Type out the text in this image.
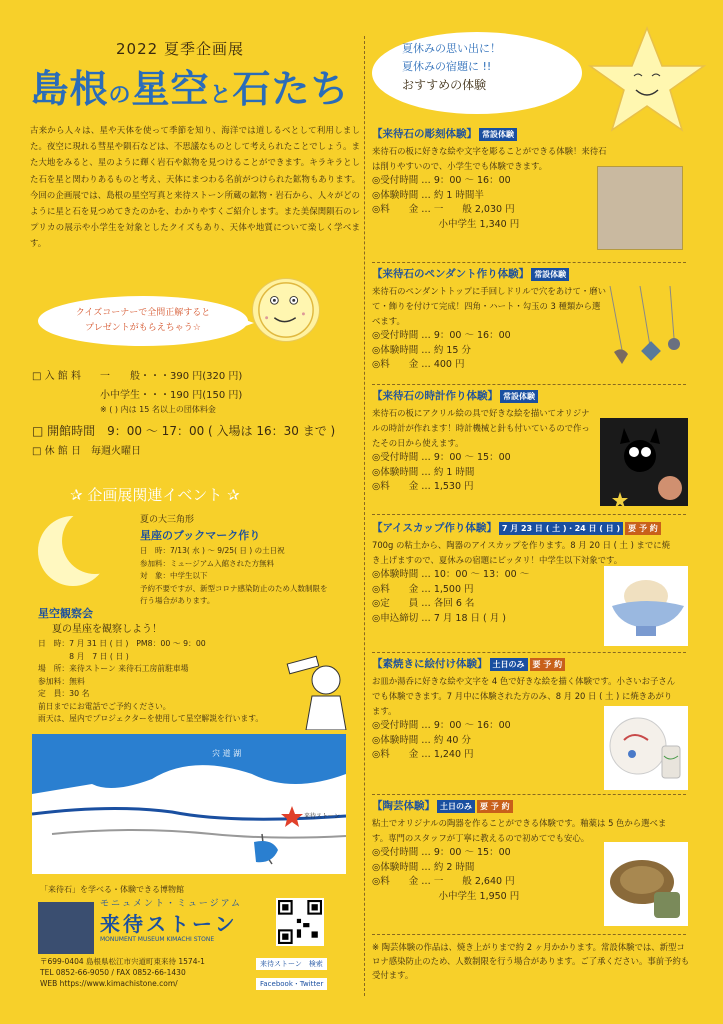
2022 夏季企画展
島根の星空と石たち
古来から人々は、星や天体を使って季節を知り、海洋では道しるべとして利用しました。夜空に現れる彗星や隕石などは、不思議なものとして考えられたことでしょう。また大地をみると、星のように輝く岩石や鉱物を見つけることができます。キラキラとした石を星と関わりあるものと考え、天体にまつわる名前がつけられた鉱物もあります。今回の企画展では、島根の星空写真と来待ストーン所蔵の鉱物・岩石から、人々がどのように星と石を見つめてきたのかを、わかりやすくご紹介します。また美保関隕石のレプリカの展示や小学生を対象としたクイズもあり、天体や地質について楽しく学べます。
クイズコーナーで全問正解すると
プレゼントがもらえちゃう☆
□ 入 館 料 一　　般・・・390 円(320 円)
小中学生・・・190 円(150 円)
※ ( ) 内は 15 名以上の団体料金
□ 開館時間　9：00 ～ 17：00 ( 入場は 16：30 まで )
□ 休 館 日　毎週火曜日
✰ 企画展関連イベント ✰
夏の大三角形
星座のブックマーク作り
日　時：7/13( 水 ) ～ 9/25( 日 ) の土日祝
参加料：ミュージアム入館された方無料
対　象：中学生以下
予約不要ですが、新型コロナ感染防止のため人数制限を
行う場合があります。
星空観察会
夏の星座を観察しよう！
日　時：7 月 31 日 ( 日 )　PM8：00 ～ 9：00
　　　　8 月　7 日 ( 日 )
場　所：来待ストーン 来待石工房前駐車場
参加料：無料
定　員：30 名
前日までにお電話でご予約ください。
雨天は、屋内でプロジェクターを使用して星空解説を行います。
宍 道 湖
来待ストーン
「来待石」を学べる・体験できる博物館
モニュメント・ミュージアム
来待ストーン
MONUMENT MUSEUM KIMACHI STONE
〒699-0404 島根県松江市宍道町東来待 1574-1
TEL 0852-66-9050 / FAX 0852-66-1430
WEB https://www.kimachistone.com/
来待ストーン　検索
Facebook・Twitter
夏休みの思い出に！
夏休みの宿題に !!
おすすめの体験
【来待石の彫刻体験】 常設体験
来待石の板に好きな絵や文字を彫ることができる体験！来待石は削りやすいので、小学生でも体験できます。
◎受付時間 … 9：00 ～ 16：00
◎体験時間 … 約 1 時間半
◎料　　金 … 一　　般 2,030 円
　　　　　　　小中学生 1,340 円
【来待石のペンダント作り体験】 常設体験
来待石のペンダントトップに手回しドリルで穴をあけて・磨いて・飾りを付けて完成！四角・ハート・勾玉の 3 種類から選べます。
◎受付時間 … 9：00 ～ 16：00
◎体験時間 … 約 15 分
◎料　　金 … 400 円
【来待石の時計作り体験】 常設体験
来待石の板にアクリル絵の具で好きな絵を描いてオリジナルの時計が作れます！時計機械と針も付いているので作ったその日から使えます。
◎受付時間 … 9：00 ～ 15：00
◎体験時間 … 約 1 時間
◎料　　金 … 1,530 円
【アイスカップ作り体験】 7 月 23 日 ( 土 )・24 日 ( 日 ) 要 予 約
700g の粘土から、陶器のアイスカップを作ります。8 月 20 日 ( 土 ) までに焼き上げますので、夏休みの宿題にピッタリ！中学生以下対象です。
◎体験時間 … 10：00 ～ 13：00 ～
◎料　　金 … 1,500 円
◎定　　員 … 各回 6 名
◎申込締切 … 7 月 18 日 ( 月 )
【素焼きに絵付け体験】 土日のみ 要 予 約
お皿か湯呑に好きな絵や文字を 4 色で好きな絵を描く体験です。小さいお子さんでも体験できます。7 月中に体験された方のみ、8 月 20 日 ( 土 ) に焼きあがります。
◎受付時間 … 9：00 ～ 16：00
◎体験時間 … 約 40 分
◎料　　金 … 1,240 円
【陶芸体験】 土日のみ 要 予 約
粘土でオリジナルの陶器を作ることができる体験です。釉薬は 5 色から選べます。専門のスタッフが丁寧に教えるので初めてでも安心。
◎受付時間 … 9：00 ～ 15：00
◎体験時間 … 約 2 時間
◎料　　金 … 一　　般 2,640 円
　　　　　　　小中学生 1,950 円
※ 陶芸体験の作品は、焼き上がりまで約 2 ヶ月かかります。常設体験では、新型コロナ感染防止のため、人数制限を行う場合があります。ご了承ください。事前予約も受付ます。
